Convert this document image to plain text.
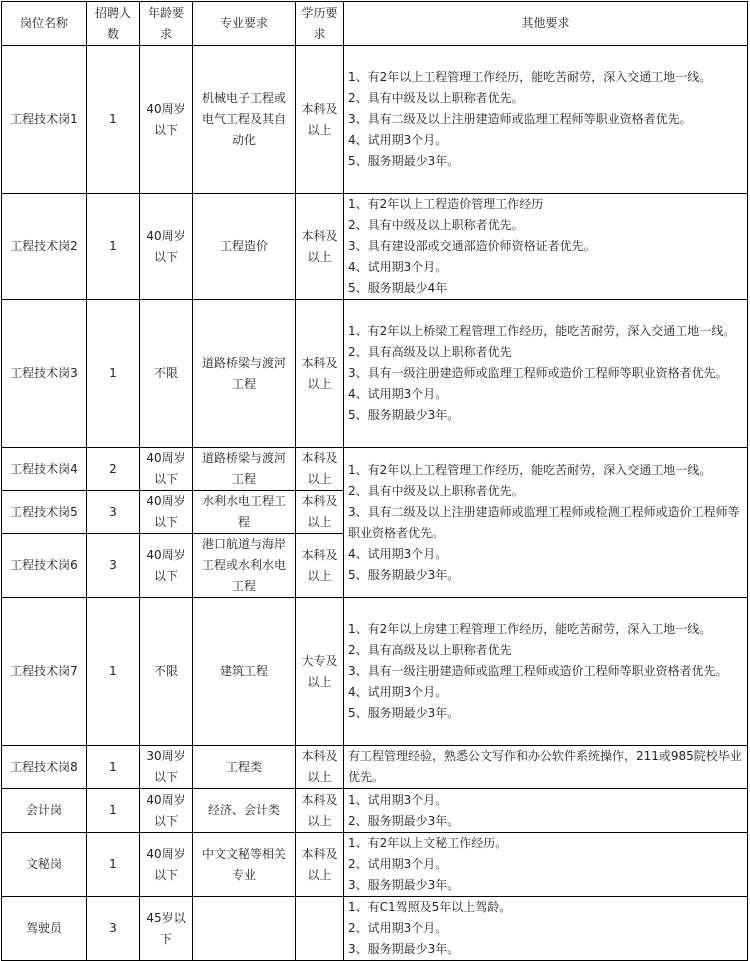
岗位名称	招聘人数	年龄要求	专业要求	学历要求	其他要求
工程技术岗1	1	40周岁以下	机械电子工程或电气工程及其自动化	本科及以上	1、有2年以上工程管理工作经历，能吃苦耐劳，深入交通工地一线。
2、具有中级及以上职称者优先。
3、具有二级及以上注册建造师或监理工程师等职业资格者优先。
4、试用期3个月。
5、服务期最少3年。

工程技术岗2	1	40周岁以下	工程造价	本科及以上	1、有2年以上工程造价管理工作经历
2、具有中级及以上职称者优先。
3、具有建设部或交通部造价师资格证者优先。
4、试用期3个月。
5、服务期最少4年

工程技术岗3	1	不限	道路桥梁与渡河工程	本科及以上	1、有2年以上桥梁工程管理工作经历，能吃苦耐劳，深入交通工地一线。
2、具有高级及以上职称者优先
3、具有一级注册建造师或监理工程师或造价工程师等职业资格者优先。
4、试用期3个月。
5、服务期最少3年。

工程技术岗4	2	40周岁以下	道路桥梁与渡河工程	本科及以上	1、有2年以上工程管理工作经历，能吃苦耐劳，深入交通工地一线。
2、具有中级及以上职称者优先。
3、具有二级及以上注册建造师或监理工程师或检测工程师或造价工程师等职业资格者优先。
4、试用期3个月。
5、服务期最少3年。

工程技术岗5	3	40周岁以下	水利水电工程工程	本科及以上	
工程技术岗6	3	40周岁以下	港口航道与海岸工程或水利水电工程	本科及以上	
工程技术岗7	1	不限	建筑工程	大专及以上	1、有2年以上房建工程管理工作经历，能吃苦耐劳，深入工地一线。
2、具有高级及以上职称者优先
3、具有一级注册建造师或监理工程师或造价工程师等职业资格者优先。
4、试用期3个月。
5、服务期最少3年。

工程技术岗8	1	30周岁以下	工程类	本科及以上	有工程管理经验，熟悉公文写作和办公软件系统操作，211或985院校毕业优先。

会计岗	1	40周岁以下	经济、会计类	本科及以上	1、试用期3个月。
2、服务期最少3年。

文秘岗	1	40周岁以下	中文文秘等相关专业	本科及以上	1、有2年以上文秘工作经历。
2、试用期3个月。
3、服务期最少3年。

驾驶员	3	45岁以下			1、有C1驾照及5年以上驾龄。
2、试用期3个月。
3、服务期最少3年。
